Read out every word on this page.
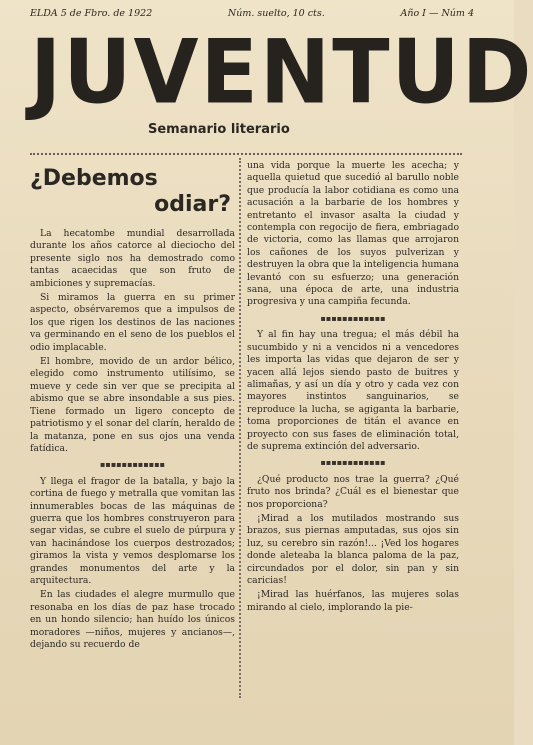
ELDA 5 de Fbro. de 1922	Núm. suelto, 10 cts.	Año I — Núm 4
J U V E N T U D
Semanario literario
¿Debemos
odiar?

La hecatombe mundial desarrollada durante los años catorce al dieciocho del presente siglo nos ha demostrado como tantas acaecidas que son fruto de ambiciones y supremacías.

Si miramos la guerra en su primer aspecto, obsérvaremos que a impulsos de los que rigen los destinos de las naciones va germinando en el seno de los pueblos el odio implacable.

El hombre, movido de un ardor bélico, elegido como instrumento utilísimo, se mueve y cede sin ver que se precipita al abismo que se abre insondable a sus pies. Tiene formado un ligero concepto de patriotismo y el sonar del clarín, heraldo de la matanza, pone en sus ojos una venda fatídica.

▪▪▪▪▪▪▪▪▪▪▪▪

Y llega el fragor de la batalla, y bajo la cortina de fuego y metralla que vomitan las innumerables bocas de las máquinas de guerra que los hombres construyeron para segar vidas, se cubre el suelo de púrpura y van hacinándose los cuerpos destrozados; giramos la vista y vemos desplomarse los grandes monumentos del arte y la arquitectura.

En las ciudades el alegre murmullo que resonaba en los días de paz hase trocado en un hondo silencio; han huído los únicos moradores —niños, mujeres y ancianos—, dejando su recuerdo de

una vida porque la muerte les acecha; y aquella quietud que sucedió al barullo noble que producía la labor cotidiana es como una acusación a la barbarie de los hombres y entretanto el invasor asalta la ciudad y contempla con regocijo de fiera, embriagado de victoria, como las llamas que arrojaron los cañones de los suyos pulverizan y destruyen la obra que la inteligencia humana levantó con su esfuerzo; una generación sana, una época de arte, una industria progresiva y una campiña fecunda.

▪▪▪▪▪▪▪▪▪▪▪▪

Y al fin hay una tregua; el más débil ha sucumbido y ni a vencidos ni a vencedores les importa las vidas que dejaron de ser y yacen allá lejos siendo pasto de buitres y alimañas, y así un día y otro y cada vez con mayores instintos sanguinarios, se reproduce la lucha, se agiganta la barbarie, toma proporciones de titán el avance en proyecto con sus fases de eliminación total, de suprema extinción del adversario.

▪▪▪▪▪▪▪▪▪▪▪▪

¿Qué producto nos trae la guerra? ¿Qué fruto nos brinda? ¿Cuál es el bienestar que nos proporciona?

¡Mirad a los mutilados mostrando sus brazos, sus piernas amputadas, sus ojos sin luz, su cerebro sin razón!... ¡Ved los hogares donde aleteaba la blanca paloma de la paz, circundados por el dolor, sin pan y sin caricias!

¡Mirad las huérfanos, las mujeres solas mirando al cielo, implorando la pie-
